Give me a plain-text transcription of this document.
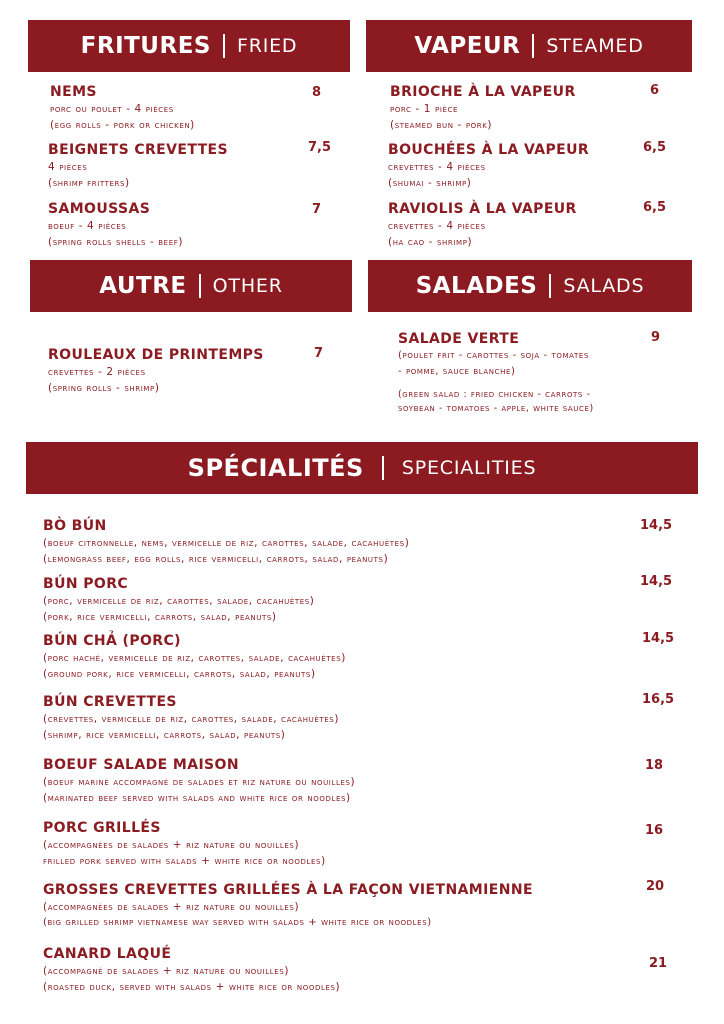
FRITURES FRIED
NEMS
porc ou poulet - 4 pièces
(egg rolls - pork or chicken)
8
BEIGNETS CREVETTES
4 pièces
(shrimp fritters)
7,5
SAMOUSSAS
boeuf - 4 pièces
(spring rolls shells - beef)
7
VAPEUR STEAMED
BRIOCHE À LA VAPEUR
porc - 1 pièce
(steamed bun - pork)
6
BOUCHÉES À LA VAPEUR
crevettes - 4 pièces
(shumai - shrimp)
6,5
RAVIOLIS À LA VAPEUR
crevettes - 4 pièces
(ha cao - shrimp)
6,5
AUTRE OTHER
ROULEAUX DE PRINTEMPS
crevettes - 2 pièces
(spring rolls - shrimp)
7
SALADES SALADS
SALADE VERTE
(poulet frit - carottes - soja - tomates
- pomme, sauce blanche)
(green salad : fried chicken - carrots -
soybean - tomatoes - apple, white sauce)
9
SPÉCIALITÉS SPECIALITIES
BÒ BÚN
(boeuf citronnelle, nems, vermicelle de riz, carottes, salade, cacahuètes)
(lemongrass beef, egg rolls, rice vermicelli, carrots, salad, peanuts)
14,5
BÚN PORC
(porc, vermicelle de riz, carottes, salade, cacahuètes)
(pork, rice vermicelli, carrots, salad, peanuts)
14,5
BÚN CHẢ (PORC)
(porc haché, vermicelle de riz, carottes, salade, cacahuètes)
(ground pork, rice vermicelli, carrots, salad, peanuts)
14,5
BÚN CREVETTES
(crevettes, vermicelle de riz, carottes, salade, cacahuètes)
(shrimp, rice vermicelli, carrots, salad, peanuts)
16,5
BOEUF SALADE MAISON
(boeuf mariné accompagné de salades et riz nature ou nouilles)
(marinated beef served with salads and white rice or noodles)
18
PORC GRILLÉS
(accompagnées de salades + riz nature ou nouilles)
frilled pork served with salads + white rice or noodles)
16
GROSSES CREVETTES GRILLÉES À LA FAÇON VIETNAMIENNE
(accompagnées de salades + riz nature ou nouilles)
(big grilled shrimp vietnamese way served with salads + white rice or noodles)
20
CANARD LAQUÉ
(accompagné de salades + riz nature ou nouilles)
(roasted duck, served with salads + white rice or noodles)
21
